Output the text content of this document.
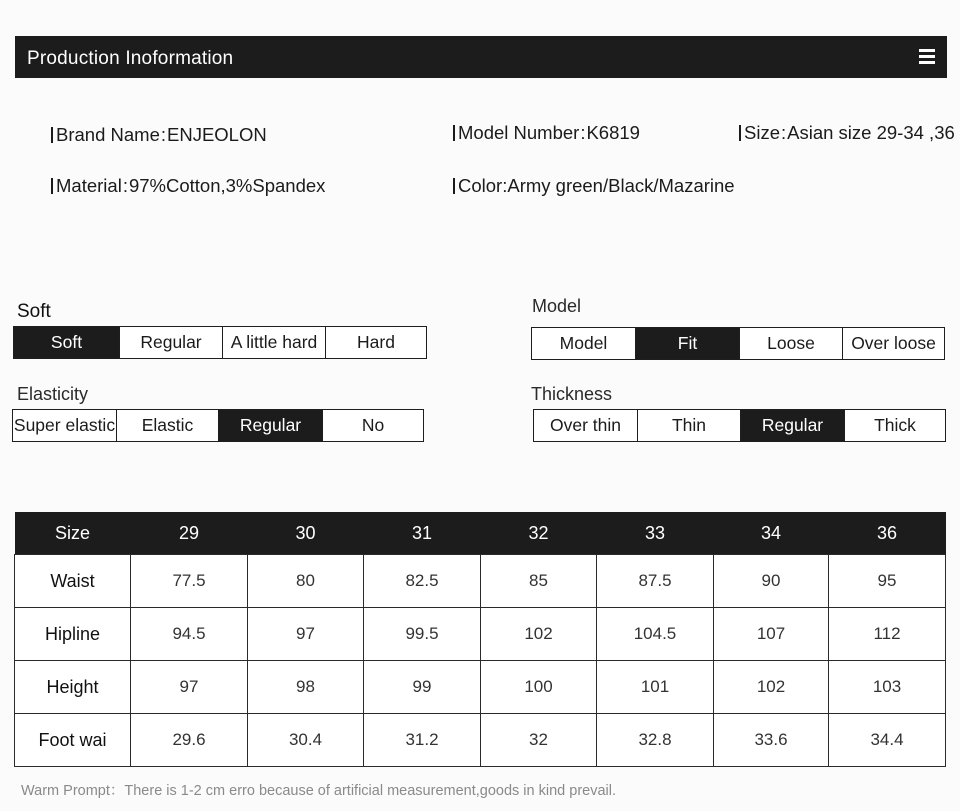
Production Inoformation
Brand Name:ENJEOLON	Model Number:K6819	Size:Asian size 29-34 ,36
Material:97%Cotton,3%Spandex	Color:Army green/Black/Mazarine
Soft
Soft	Regular	A little hard	Hard
Model
Model	Fit	Loose	Over loose
Elasticity
Super elastic	Elastic	Regular	No
Thickness
Over thin	Thin	Regular	Thick
Size	29	30	31	32	33	34	36
Waist	77.5	80	82.5	85	87.5	90	95
Hipline	94.5	97	99.5	102	104.5	107	112
Height	97	98	99	100	101	102	103
Foot wai	29.6	30.4	31.2	32	32.8	33.6	34.4
Warm Prompt：There is 1-2 cm erro because of artificial measurement,goods in kind prevail.
